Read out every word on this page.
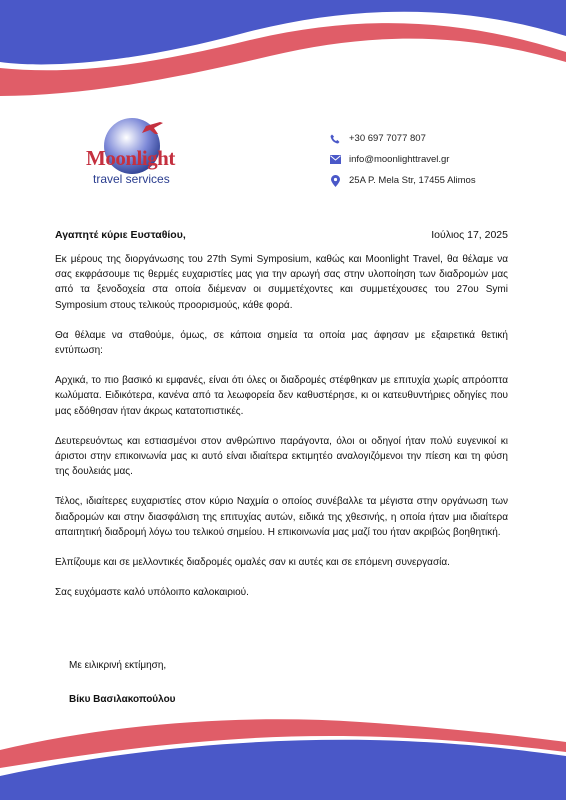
Moonlight
travel services
+30 697 7077 807
info@moonlighttravel.gr
25A P. Mela Str, 17455 Alimos
Αγαπητέ κύριε Ευσταθίου,	Ιούλιος 17, 2025

Εκ μέρους της διοργάνωσης του 27th Symi Symposium, καθώς και Moonlight Travel, θα θέλαμε να σας εκφράσουμε τις θερμές ευχαριστίες μας για την αρωγή σας στην υλοποίηση των διαδρομών μας από τα ξενοδοχεία στα οποία διέμεναν οι συμμετέχοντες και συμμετέχουσες του 27ου Symi Symposium στους τελικούς προορισμούς, κάθε φορά.

Θα θέλαμε να σταθούμε, όμως, σε κάποια σημεία τα οποία μας άφησαν με εξαιρετικά θετική εντύπωση:

Αρχικά, το πιο βασικό κι εμφανές, είναι ότι όλες οι διαδρομές στέφθηκαν με επιτυχία χωρίς απρόοπτα κωλύματα. Ειδικότερα, κανένα από τα λεωφορεία δεν καθυστέρησε, κι οι κατευθυντήριες οδηγίες που μας εδόθησαν ήταν άκρως κατατοπιστικές.

Δευτερευόντως και εστιασμένοι στον ανθρώπινο παράγοντα, όλοι οι οδηγοί ήταν πολύ ευγενικοί κι άριστοι στην επικοινωνία μας κι αυτό είναι ιδιαίτερα εκτιμητέο αναλογιζόμενοι την πίεση και τη φύση της δουλειάς μας.

Τέλος, ιδιαίτερες ευχαριστίες στον κύριο Ναχμία ο οποίος συνέβαλλε τα μέγιστα στην οργάνωση των διαδρομών και στην διασφάλιση της επιτυχίας αυτών, ειδικά της χθεσινής, η οποία ήταν μια ιδιαίτερα απαιτητική διαδρομή λόγω του τελικού σημείου. Η επικοινωνία μας μαζί του ήταν ακριβώς βοηθητική.

Ελπίζουμε και σε μελλοντικές διαδρομές ομαλές σαν κι αυτές και σε επόμενη συνεργασία.

Σας ευχόμαστε καλό υπόλοιπο καλοκαιριού.

Με ειλικρινή εκτίμηση,
Βίκυ Βασιλακοπούλου
